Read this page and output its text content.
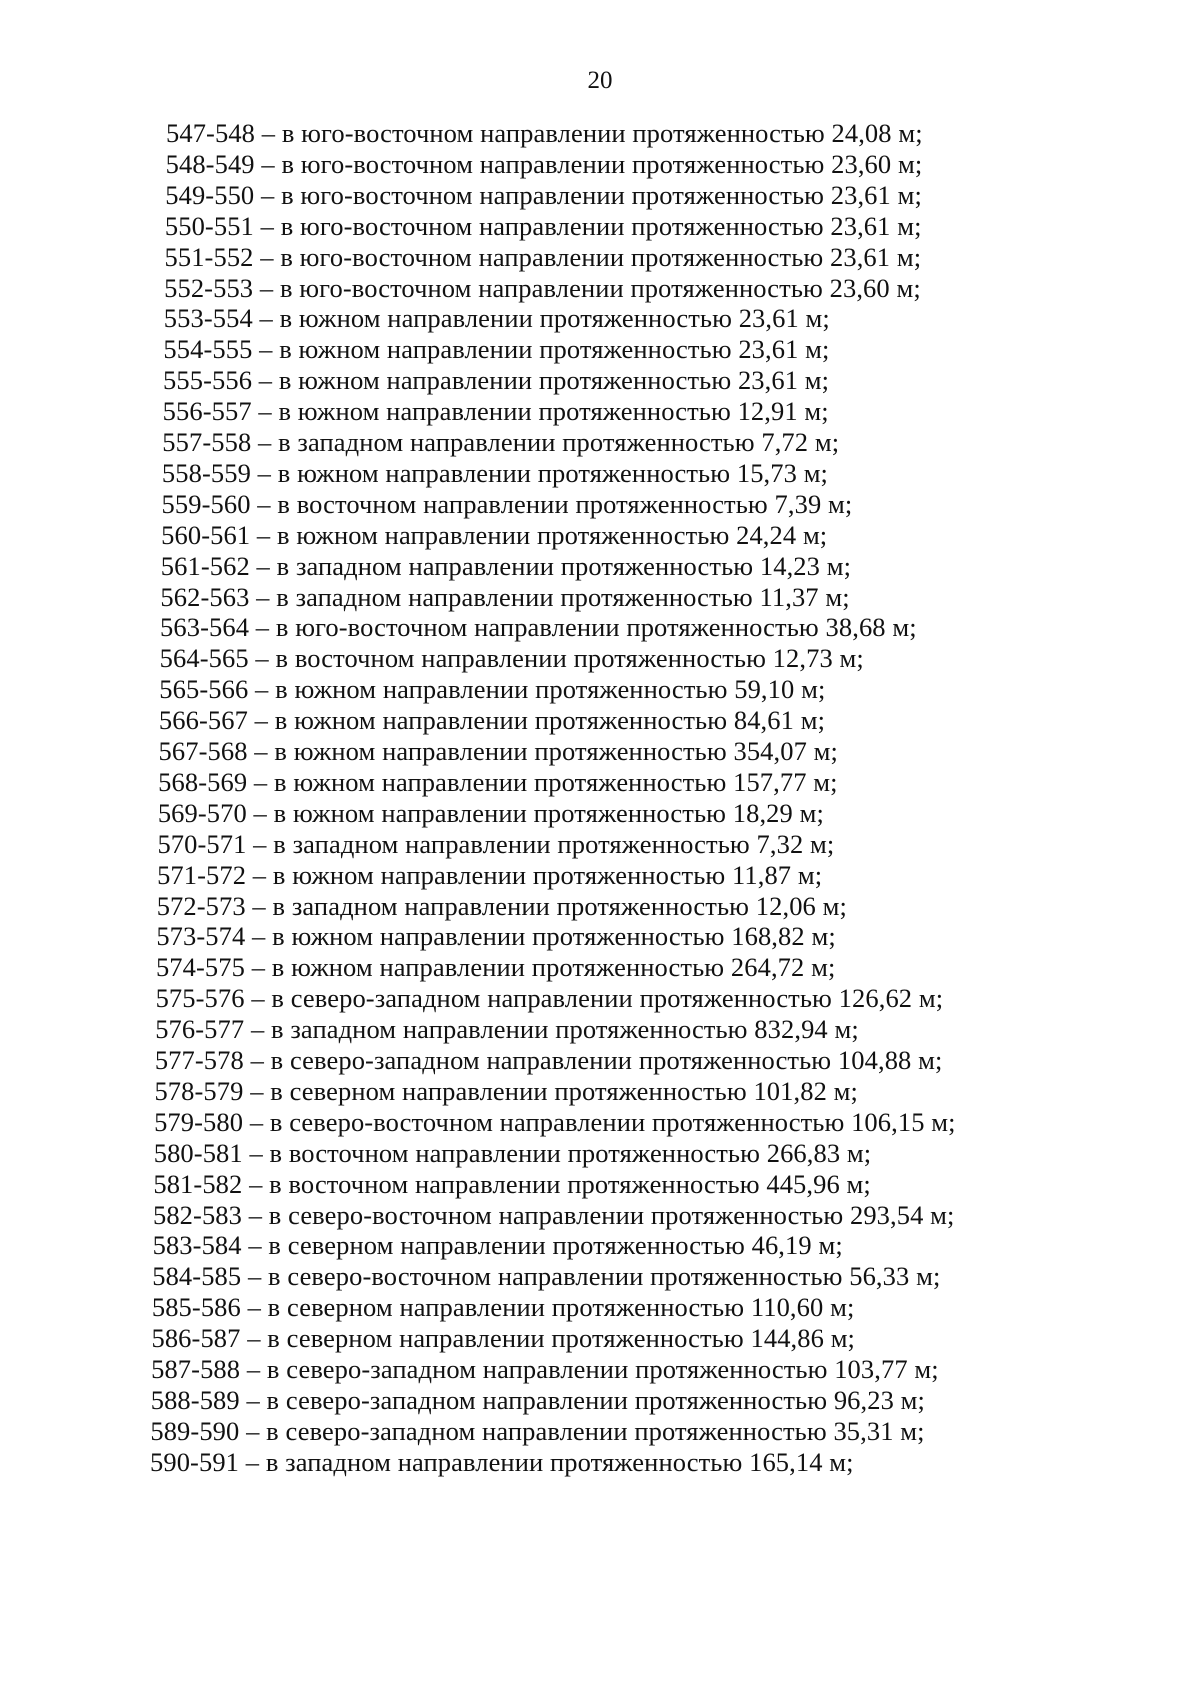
20
547-548 – в юго-восточном направлении протяженностью 24,08 м;
548-549 – в юго-восточном направлении протяженностью 23,60 м;
549-550 – в юго-восточном направлении протяженностью 23,61 м;
550-551 – в юго-восточном направлении протяженностью 23,61 м;
551-552 – в юго-восточном направлении протяженностью 23,61 м;
552-553 – в юго-восточном направлении протяженностью 23,60 м;
553-554 – в южном направлении протяженностью 23,61 м;
554-555 – в южном направлении протяженностью 23,61 м;
555-556 – в южном направлении протяженностью 23,61 м;
556-557 – в южном направлении протяженностью 12,91 м;
557-558 – в западном направлении протяженностью 7,72 м;
558-559 – в южном направлении протяженностью 15,73 м;
559-560 – в восточном направлении протяженностью 7,39 м;
560-561 – в южном направлении протяженностью 24,24 м;
561-562 – в западном направлении протяженностью 14,23 м;
562-563 – в западном направлении протяженностью 11,37 м;
563-564 – в юго-восточном направлении протяженностью 38,68 м;
564-565 – в восточном направлении протяженностью 12,73 м;
565-566 – в южном направлении протяженностью 59,10 м;
566-567 – в южном направлении протяженностью 84,61 м;
567-568 – в южном направлении протяженностью 354,07 м;
568-569 – в южном направлении протяженностью 157,77 м;
569-570 – в южном направлении протяженностью 18,29 м;
570-571 – в западном направлении протяженностью 7,32 м;
571-572 – в южном направлении протяженностью 11,87 м;
572-573 – в западном направлении протяженностью 12,06 м;
573-574 – в южном направлении протяженностью 168,82 м;
574-575 – в южном направлении протяженностью 264,72 м;
575-576 – в северо-западном направлении протяженностью 126,62 м;
576-577 – в западном направлении протяженностью 832,94 м;
577-578 – в северо-западном направлении протяженностью 104,88 м;
578-579 – в северном направлении протяженностью 101,82 м;
579-580 – в северо-восточном направлении протяженностью 106,15 м;
580-581 – в восточном направлении протяженностью 266,83 м;
581-582 – в восточном направлении протяженностью 445,96 м;
582-583 – в северо-восточном направлении протяженностью 293,54 м;
583-584 – в северном направлении протяженностью 46,19 м;
584-585 – в северо-восточном направлении протяженностью 56,33 м;
585-586 – в северном направлении протяженностью 110,60 м;
586-587 – в северном направлении протяженностью 144,86 м;
587-588 – в северо-западном направлении протяженностью 103,77 м;
588-589 – в северо-западном направлении протяженностью 96,23 м;
589-590 – в северо-западном направлении протяженностью 35,31 м;
590-591 – в западном направлении протяженностью 165,14 м;
